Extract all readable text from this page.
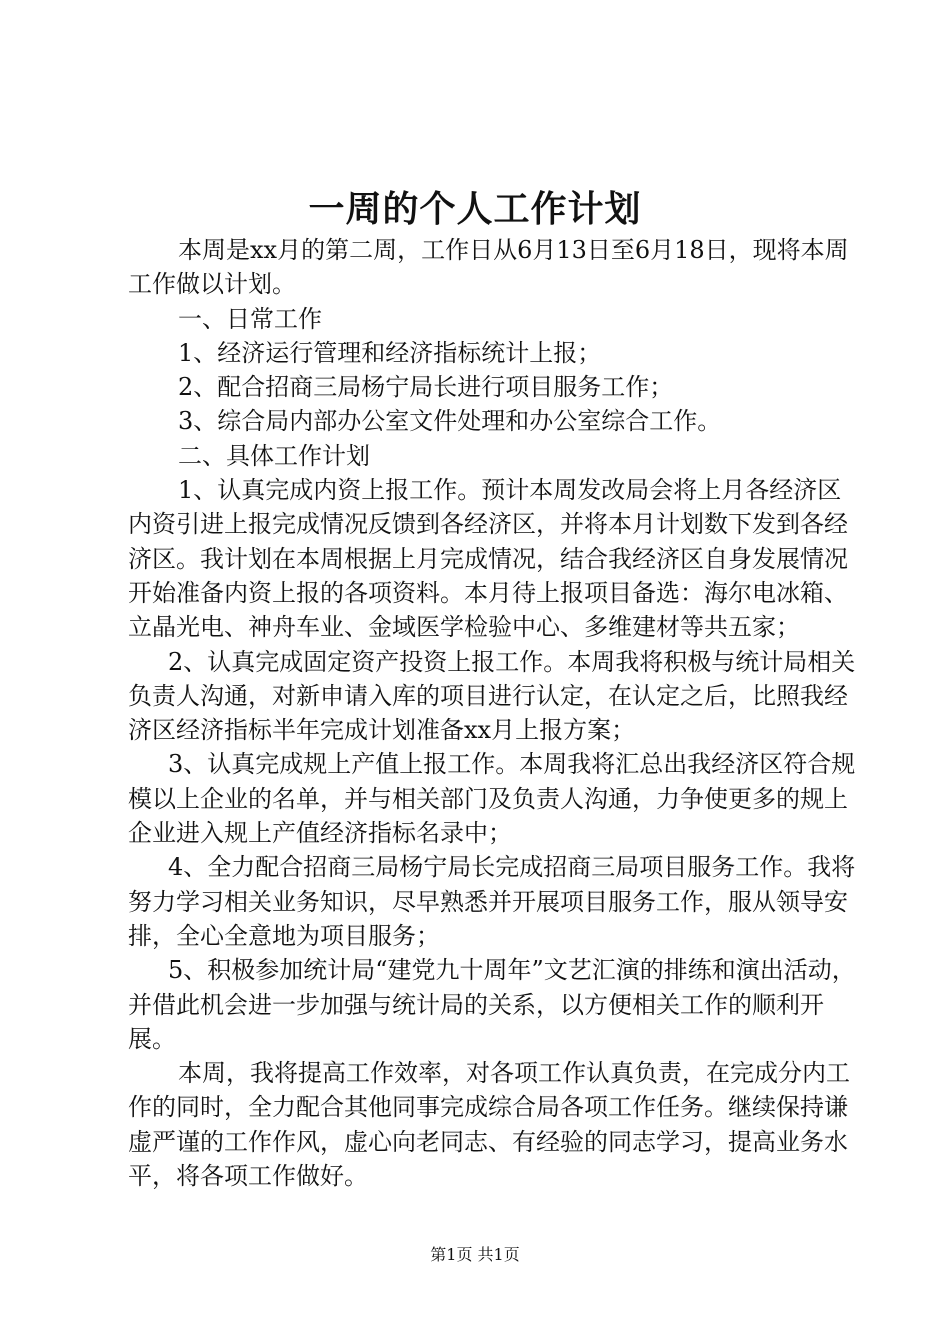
一周的个人工作计划

本周是xx月的第二周，工作日从6月13日至6月18日，现将本周工作做以计划。

一、日常工作

1、经济运行管理和经济指标统计上报；

2、配合招商三局杨宁局长进行项目服务工作；

3、综合局内部办公室文件处理和办公室综合工作。

二、具体工作计划

1、认真完成内资上报工作。预计本周发改局会将上月各经济区内资引进上报完成情况反馈到各经济区，并将本月计划数下发到各经济区。我计划在本周根据上月完成情况，结合我经济区自身发展情况开始准备内资上报的各项资料。本月待上报项目备选：海尔电冰箱、立晶光电、神舟车业、金域医学检验中心、多维建材等共五家；

2、认真完成固定资产投资上报工作。本周我将积极与统计局相关负责人沟通，对新申请入库的项目进行认定，在认定之后，比照我经济区经济指标半年完成计划准备xx月上报方案；

3、认真完成规上产值上报工作。本周我将汇总出我经济区符合规模以上企业的名单，并与相关部门及负责人沟通，力争使更多的规上企业进入规上产值经济指标名录中；

4、全力配合招商三局杨宁局长完成招商三局项目服务工作。我将努力学习相关业务知识，尽早熟悉并开展项目服务工作，服从领导安排，全心全意地为项目服务；

5、积极参加统计局“建党九十周年”文艺汇演的排练和演出活动，并借此机会进一步加强与统计局的关系，以方便相关工作的顺利开展。

本周，我将提高工作效率，对各项工作认真负责，在完成分内工作的同时，全力配合其他同事完成综合局各项工作任务。继续保持谦虚严谨的工作作风，虚心向老同志、有经验的同志学习，提高业务水平，将各项工作做好。

第1页 共1页
